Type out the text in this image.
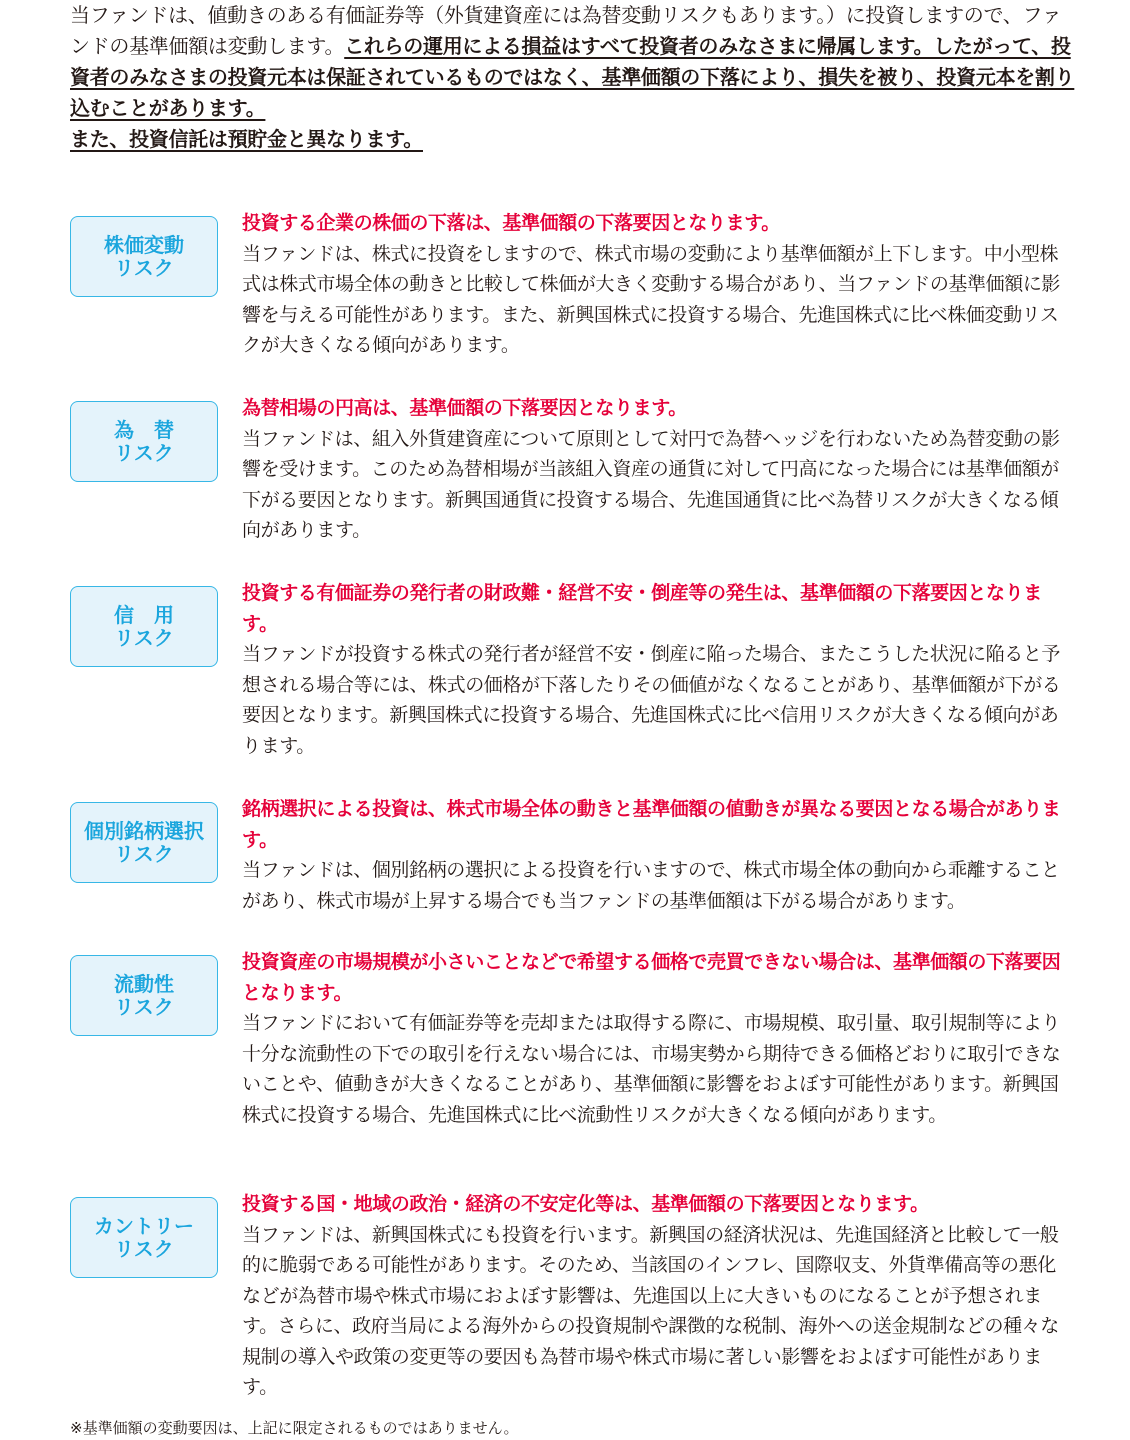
当ファンドは、値動きのある有価証券等（外貨建資産には為替変動リスクもあります。）に投資しますので、ファンドの基準価額は変動します。これらの運用による損益はすべて投資者のみなさまに帰属します。したがって、投資者のみなさまの投資元本は保証されているものではなく、基準価額の下落により、損失を被り、投資元本を割り込むことがあります。
また、投資信託は預貯金と異なります。
株価変動
リスク
投資する企業の株価の下落は、基準価額の下落要因となります。
当ファンドは、株式に投資をしますので、株式市場の変動により基準価額が上下します。中小型株式は株式市場全体の動きと比較して株価が大きく変動する場合があり、当ファンドの基準価額に影響を与える可能性があります。また、新興国株式に投資する場合、先進国株式に比べ株価変動リスクが大きくなる傾向があります。
為　替
リスク
為替相場の円高は、基準価額の下落要因となります。
当ファンドは、組入外貨建資産について原則として対円で為替ヘッジを行わないため為替変動の影響を受けます。このため為替相場が当該組入資産の通貨に対して円高になった場合には基準価額が下がる要因となります。新興国通貨に投資する場合、先進国通貨に比べ為替リスクが大きくなる傾向があります。
信　用
リスク
投資する有価証券の発行者の財政難・経営不安・倒産等の発生は、基準価額の下落要因となります。
当ファンドが投資する株式の発行者が経営不安・倒産に陥った場合、またこうした状況に陥ると予想される場合等には、株式の価格が下落したりその価値がなくなることがあり、基準価額が下がる要因となります。新興国株式に投資する場合、先進国株式に比べ信用リスクが大きくなる傾向があります。
個別銘柄選択
リスク
銘柄選択による投資は、株式市場全体の動きと基準価額の値動きが異なる要因となる場合があります。
当ファンドは、個別銘柄の選択による投資を行いますので、株式市場全体の動向から乖離することがあり、株式市場が上昇する場合でも当ファンドの基準価額は下がる場合があります。
流動性
リスク
投資資産の市場規模が小さいことなどで希望する価格で売買できない場合は、基準価額の下落要因となります。
当ファンドにおいて有価証券等を売却または取得する際に、市場規模、取引量、取引規制等により十分な流動性の下での取引を行えない場合には、市場実勢から期待できる価格どおりに取引できないことや、値動きが大きくなることがあり、基準価額に影響をおよぼす可能性があります。新興国株式に投資する場合、先進国株式に比べ流動性リスクが大きくなる傾向があります。
カントリー
リスク
投資する国・地域の政治・経済の不安定化等は、基準価額の下落要因となります。
当ファンドは、新興国株式にも投資を行います。新興国の経済状況は、先進国経済と比較して一般的に脆弱である可能性があります。そのため、当該国のインフレ、国際収支、外貨準備高等の悪化などが為替市場や株式市場におよぼす影響は、先進国以上に大きいものになることが予想されます。さらに、政府当局による海外からの投資規制や課徴的な税制、海外への送金規制などの種々な規制の導入や政策の変更等の要因も為替市場や株式市場に著しい影響をおよぼす可能性があります。
※基準価額の変動要因は、上記に限定されるものではありません。
